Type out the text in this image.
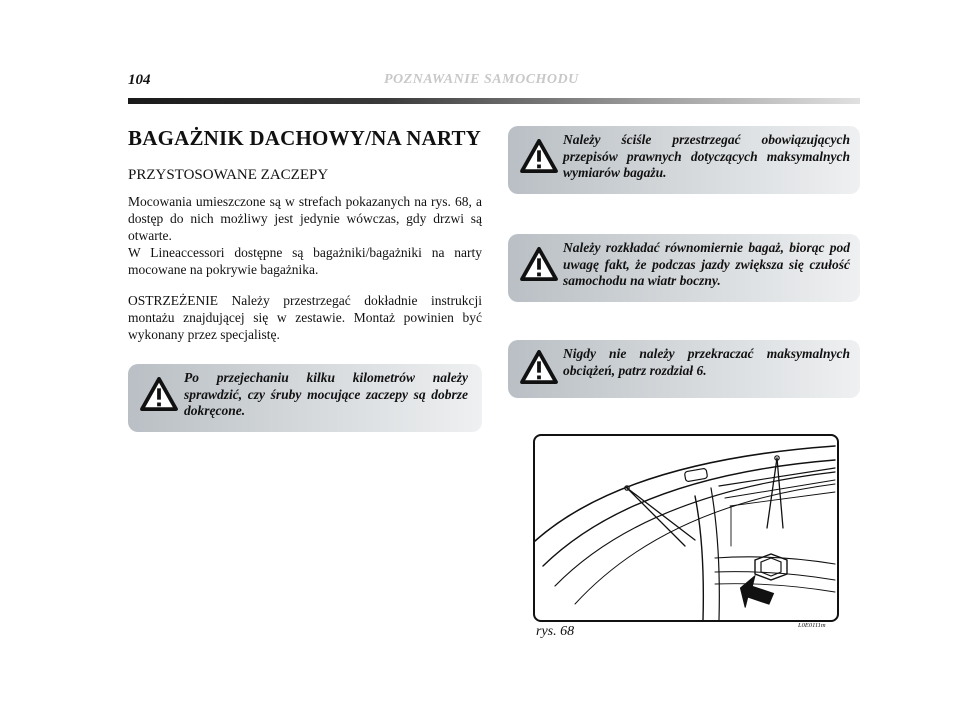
104	POZNAWANIE SAMOCHODU
BAGAŻNIK DACHOWY/NA NARTY
PRZYSTOSOWANE ZACZEPY

Mocowania umieszczone są w strefach pokazanych na rys. 68, a dostęp do nich możliwy jest jedynie wówczas, gdy drzwi są otwarte.

W Lineaccessori dostępne są bagażniki/bagażniki na narty mocowane na pokrywie bagażnika.

OSTRZEŻENIE Należy przestrzegać dokładnie instrukcji montażu znajdującej się w zestawie. Montaż powinien być wykonany przez specjalistę.

Po przejechaniu kilku kilometrów należy sprawdzić, czy śruby mocujące zaczepy są dobrze dokręcone.

Należy ściśle przestrzegać obowiązujących przepisów prawnych dotyczących maksymalnych wymiarów bagażu.

Należy rozkładać równomiernie bagaż, biorąc pod uwagę fakt, że podczas jazdy zwiększa się czułość samochodu na wiatr boczny.

Nigdy nie należy przekraczać maksymalnych obciążeń, patrz rozdział 6.

rys. 68	L0E0111m
